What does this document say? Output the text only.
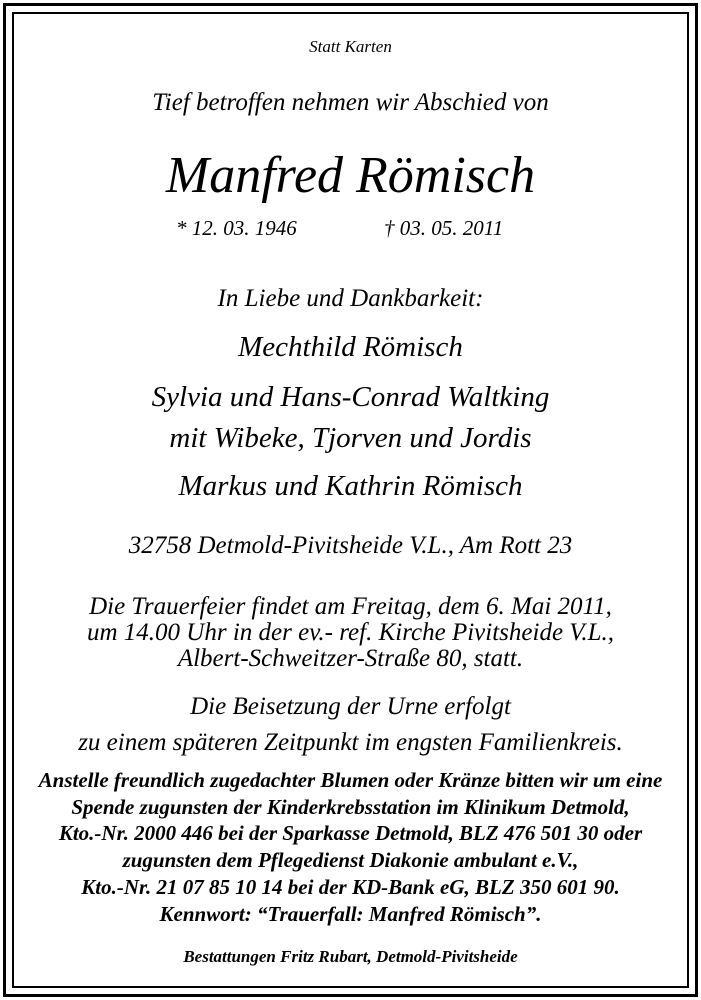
Statt Karten
Tief betroffen nehmen wir Abschied von
Manfred Römisch
* 12. 03. 1946	† 03. 05. 2011
In Liebe und Dankbarkeit:
Mechthild Römisch
Sylvia und Hans-Conrad Waltking
mit Wibeke, Tjorven und Jordis
Markus und Kathrin Römisch
32758 Detmold-Pivitsheide V.L., Am Rott 23
Die Trauerfeier findet am Freitag, dem 6. Mai 2011,
um 14.00 Uhr in der ev.- ref. Kirche Pivitsheide V.L.,
Albert-Schweitzer-Straße 80, statt.
Die Beisetzung der Urne erfolgt
zu einem späteren Zeitpunkt im engsten Familienkreis.
Anstelle freundlich zugedachter Blumen oder Kränze bitten wir um eine
Spende zugunsten der Kinderkrebsstation im Klinikum Detmold,
Kto.-Nr. 2000 446 bei der Sparkasse Detmold, BLZ 476 501 30 oder
zugunsten dem Pflegedienst Diakonie ambulant e.V.,
Kto.-Nr. 21 07 85 10 14 bei der KD-Bank eG, BLZ 350 601 90.
Kennwort: “Trauerfall: Manfred Römisch”.
Bestattungen Fritz Rubart, Detmold-Pivitsheide
